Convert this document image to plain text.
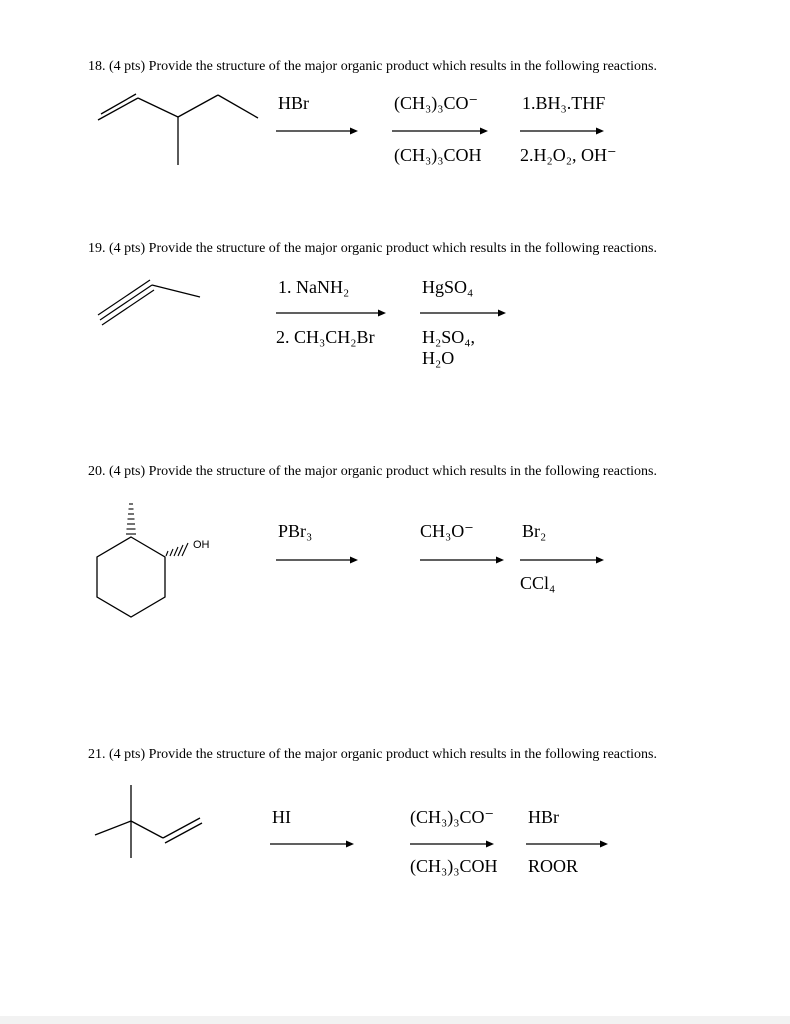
18. (4 pts) Provide the structure of the major organic product which results in the following reactions.
HBr	(CH₃)₃CO⁻
(CH₃)₃COH
1.BH₃.THF
2.H₂O₂, OH⁻
19. (4 pts) Provide the structure of the major organic product which results in the following reactions.
1. NaNH₂
2. CH₃CH₂Br
HgSO₄
H₂SO₄,
H₂O
20. (4 pts) Provide the structure of the major organic product which results in the following reactions.
OH
PBr₃	CH₃O⁻	Br₂
CCl₄
21. (4 pts) Provide the structure of the major organic product which results in the following reactions.
HI	(CH₃)₃CO⁻
(CH₃)₃COH
HBr
ROOR
